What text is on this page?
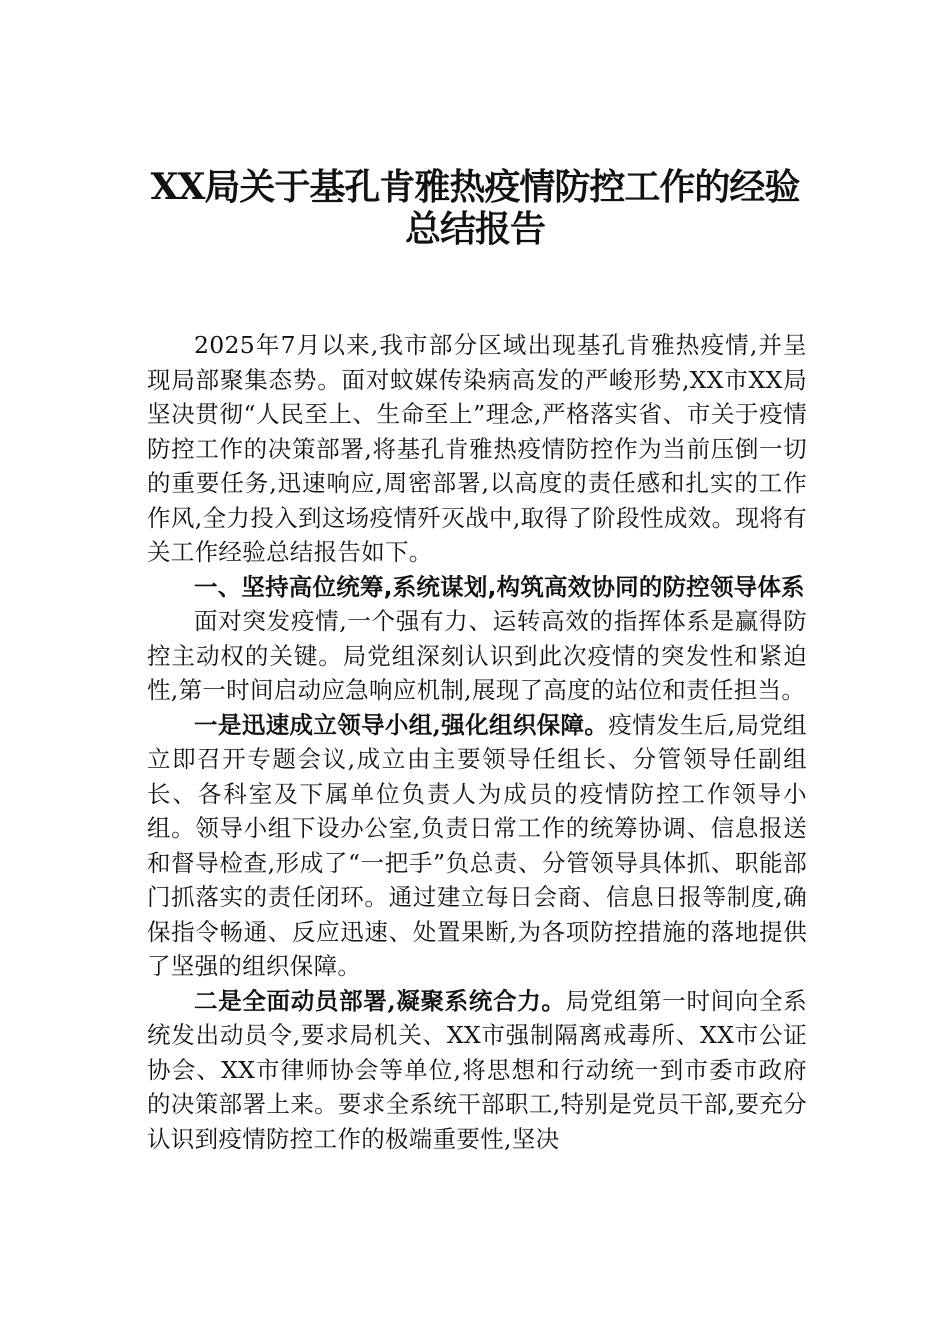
XX局关于基孔肯雅热疫情防控工作的经验
总结报告

2025年7月以来,我市部分区域出现基孔肯雅热疫情,并呈现局部聚集态势。面对蚊媒传染病高发的严峻形势,XX市XX局坚决贯彻“人民至上、生命至上”理念,严格落实省、市关于疫情防控工作的决策部署,将基孔肯雅热疫情防控作为当前压倒一切的重要任务,迅速响应,周密部署,以高度的责任感和扎实的工作作风,全力投入到这场疫情歼灭战中,取得了阶段性成效。现将有关工作经验总结报告如下。

一、坚持高位统筹,系统谋划,构筑高效协同的防控领导体系

面对突发疫情,一个强有力、运转高效的指挥体系是赢得防控主动权的关键。局党组深刻认识到此次疫情的突发性和紧迫性,第一时间启动应急响应机制,展现了高度的站位和责任担当。

一是迅速成立领导小组,强化组织保障。疫情发生后,局党组立即召开专题会议,成立由主要领导任组长、分管领导任副组长、各科室及下属单位负责人为成员的疫情防控工作领导小组。领导小组下设办公室,负责日常工作的统筹协调、信息报送和督导检查,形成了“一把手”负总责、分管领导具体抓、职能部门抓落实的责任闭环。通过建立每日会商、信息日报等制度,确保指令畅通、反应迅速、处置果断,为各项防控措施的落地提供了坚强的组织保障。

二是全面动员部署,凝聚系统合力。局党组第一时间向全系统发出动员令,要求局机关、XX市强制隔离戒毒所、XX市公证协会、XX市律师协会等单位,将思想和行动统一到市委市政府的决策部署上来。要求全系统干部职工,特别是党员干部,要充分认识到疫情防控工作的极端重要性,坚决
